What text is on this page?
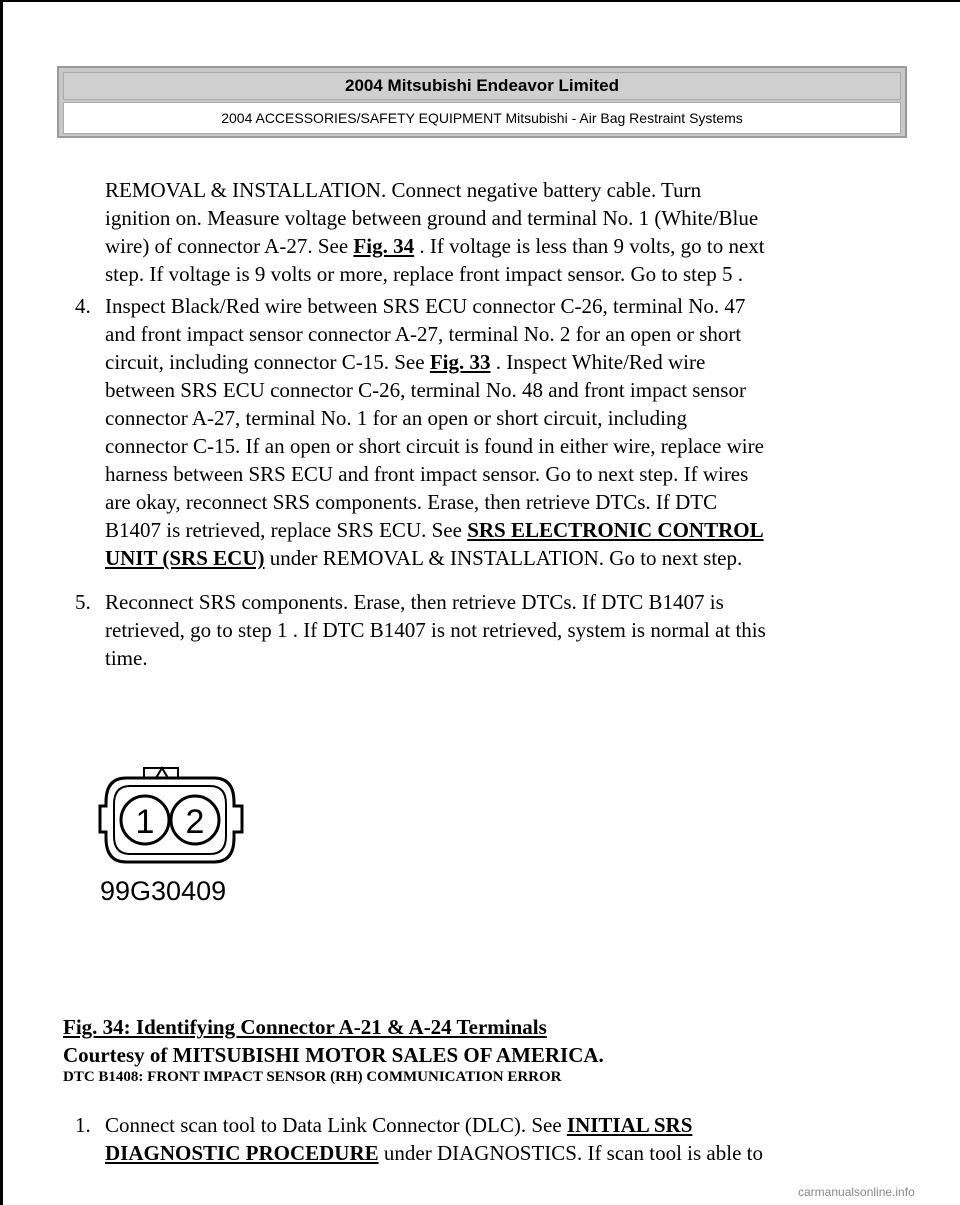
2004 Mitsubishi Endeavor Limited
2004 ACCESSORIES/SAFETY EQUIPMENT Mitsubishi - Air Bag Restraint Systems
REMOVAL & INSTALLATION. Connect negative battery cable. Turn
ignition on. Measure voltage between ground and terminal No. 1 (White/Blue
wire) of connector A-27. See Fig. 34 . If voltage is less than 9 volts, go to next
step. If voltage is 9 volts or more, replace front impact sensor. Go to step 5 .
4. Inspect Black/Red wire between SRS ECU connector C-26, terminal No. 47
and front impact sensor connector A-27, terminal No. 2 for an open or short
circuit, including connector C-15. See Fig. 33 . Inspect White/Red wire
between SRS ECU connector C-26, terminal No. 48 and front impact sensor
connector A-27, terminal No. 1 for an open or short circuit, including
connector C-15. If an open or short circuit is found in either wire, replace wire
harness between SRS ECU and front impact sensor. Go to next step. If wires
are okay, reconnect SRS components. Erase, then retrieve DTCs. If DTC
B1407 is retrieved, replace SRS ECU. See SRS ELECTRONIC CONTROL
UNIT (SRS ECU) under REMOVAL & INSTALLATION. Go to next step.
5. Reconnect SRS components. Erase, then retrieve DTCs. If DTC B1407 is
retrieved, go to step 1 . If DTC B1407 is not retrieved, system is normal at this
time.
1 2
99G30409
Fig. 34: Identifying Connector A-21 & A-24 Terminals
Courtesy of MITSUBISHI MOTOR SALES OF AMERICA.
DTC B1408: FRONT IMPACT SENSOR (RH) COMMUNICATION ERROR
1. Connect scan tool to Data Link Connector (DLC). See INITIAL SRS
DIAGNOSTIC PROCEDURE under DIAGNOSTICS. If scan tool is able to
carmanualsonline.info
